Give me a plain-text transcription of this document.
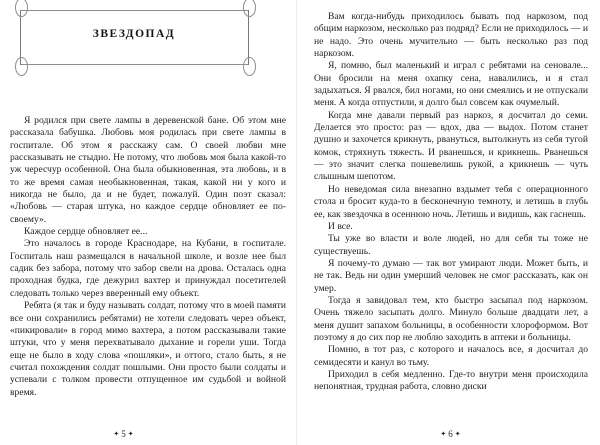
ЗВЕЗДОПАД

Я родился при свете лампы в деревенской бане. Об этом мне рассказала бабушка. Любовь моя родилась при свете лампы в госпитале. Об этом я расскажу сам. О своей любви мне рассказывать не стыдно. Не потому, что любовь моя была какой-то уж чересчур особенной. Она была обыкновенная, эта любовь, и в то же время самая необыкновенная, такая, какой ни у кого и никогда не было, да и не будет, пожалуй. Один поэт сказал: «Любовь — старая штука, но каждое сердце обновляет ее по-своему».

Каждое сердце обновляет ее...

Это началось в городе Краснодаре, на Кубани, в госпитале. Госпиталь наш размещался в начальной школе, и возле нее был садик без забора, потому что забор свели на дрова. Осталась одна проходная будка, где дежурил вахтер и принуждал посетителей следовать только через вверенный ему объект.

Ребята (я так и буду называть солдат, потому что в моей памяти все они сохранились ребятами) не хотели следовать через объект, «пикировали» в город мимо вахтера, а потом рассказывали такие штуки, что у меня перехватывало дыхание и горели уши. Тогда еще не было в ходу слова «пошляки», и оттого, стало быть, я не считал похождения солдат пошлыми. Они просто были солдаты и успевали с толком провести отпущенное им судьбой и войной время.

✦5✦

Вам когда-нибудь приходилось бывать под наркозом, под общим наркозом, несколько раз подряд? Если не приходилось — и не надо. Это очень мучительно — быть несколько раз под наркозом.

Я, помню, был маленький и играл с ребятами на сеновале... Они бросили на меня охапку сена, навалились, и я стал задыхаться. Я рвался, бил ногами, но они смеялись и не отпускали меня. А когда отпустили, я долго был совсем как очумелый.

Когда мне давали первый раз наркоз, я досчитал до семи. Делается это просто: раз — вдох, два — выдох. Потом станет душно и захочется крикнуть, рвануться, вытолкнуть из себя тугой комок, стряхнуть тяжесть. И рванешься, и крикнешь. Рванешься — это значит слегка пошевелишь рукой, а крикнешь — чуть слышным шепотом.

Но неведомая сила внезапно вздымет тебя с операционного стола и бросит куда-то в бесконечную темноту, и летишь в глубь ее, как звездочка в осеннюю ночь. Летишь и видишь, как гаснешь.

И все.

Ты уже во власти и воле людей, но для себя ты тоже не существуешь.

Я почему-то думаю — так вот умирают люди. Может быть, и не так. Ведь ни один умерший человек не смог рассказать, как он умер.

Тогда я завидовал тем, кто быстро засыпал под наркозом. Очень тяжело засыпать долго. Минуло больше двадцати лет, а меня душит запахом больницы, в особенности хлороформом. Вот поэтому я до сих пор не люблю заходить в аптеки и больницы.

Помню, в тот раз, с которого и началось все, я досчитал до семидесяти и канул во тьму.

Приходил в себя медленно. Где-то внутри меня происходила непонятная, трудная работа, словно диски

✦6✦
